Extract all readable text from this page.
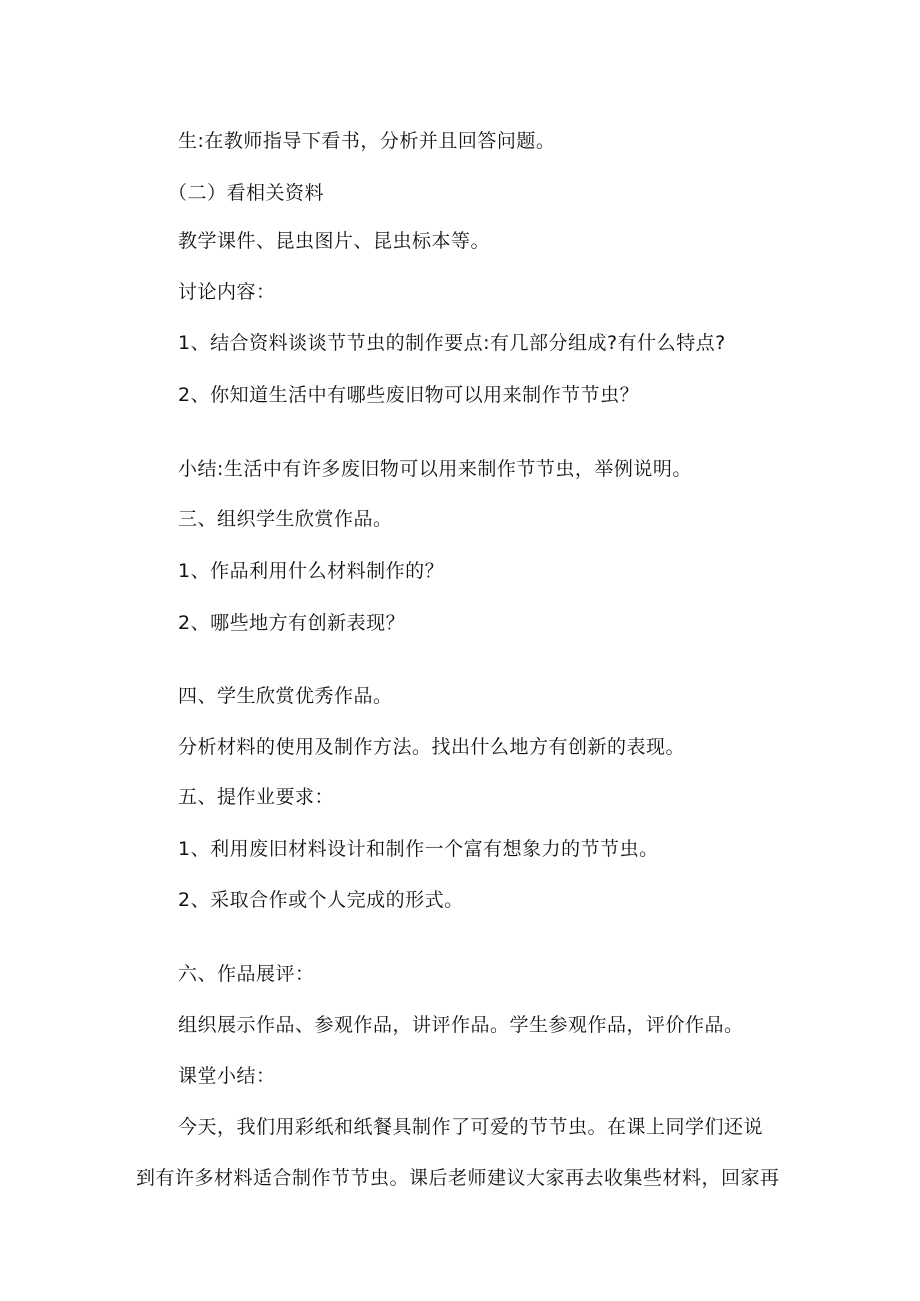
生:在教师指导下看书，分析并且回答问题。
（二）看相关资料
教学课件、昆虫图片、昆虫标本等。
讨论内容：
1、结合资料谈谈节节虫的制作要点:有几部分组成?有什么特点?
2、你知道生活中有哪些废旧物可以用来制作节节虫？
小结:生活中有许多废旧物可以用来制作节节虫，举例说明。
三、组织学生欣赏作品。
1、作品利用什么材料制作的？
2、哪些地方有创新表现？
四、学生欣赏优秀作品。
分析材料的使用及制作方法。找出什么地方有创新的表现。
五、提作业要求：
1、利用废旧材料设计和制作一个富有想象力的节节虫。
2、采取合作或个人完成的形式。
六、作品展评：
组织展示作品、参观作品，讲评作品。学生参观作品，评价作品。
课堂小结：
今天，我们用彩纸和纸餐具制作了可爱的节节虫。在课上同学们还说
到有许多材料适合制作节节虫。课后老师建议大家再去收集些材料，回家再
